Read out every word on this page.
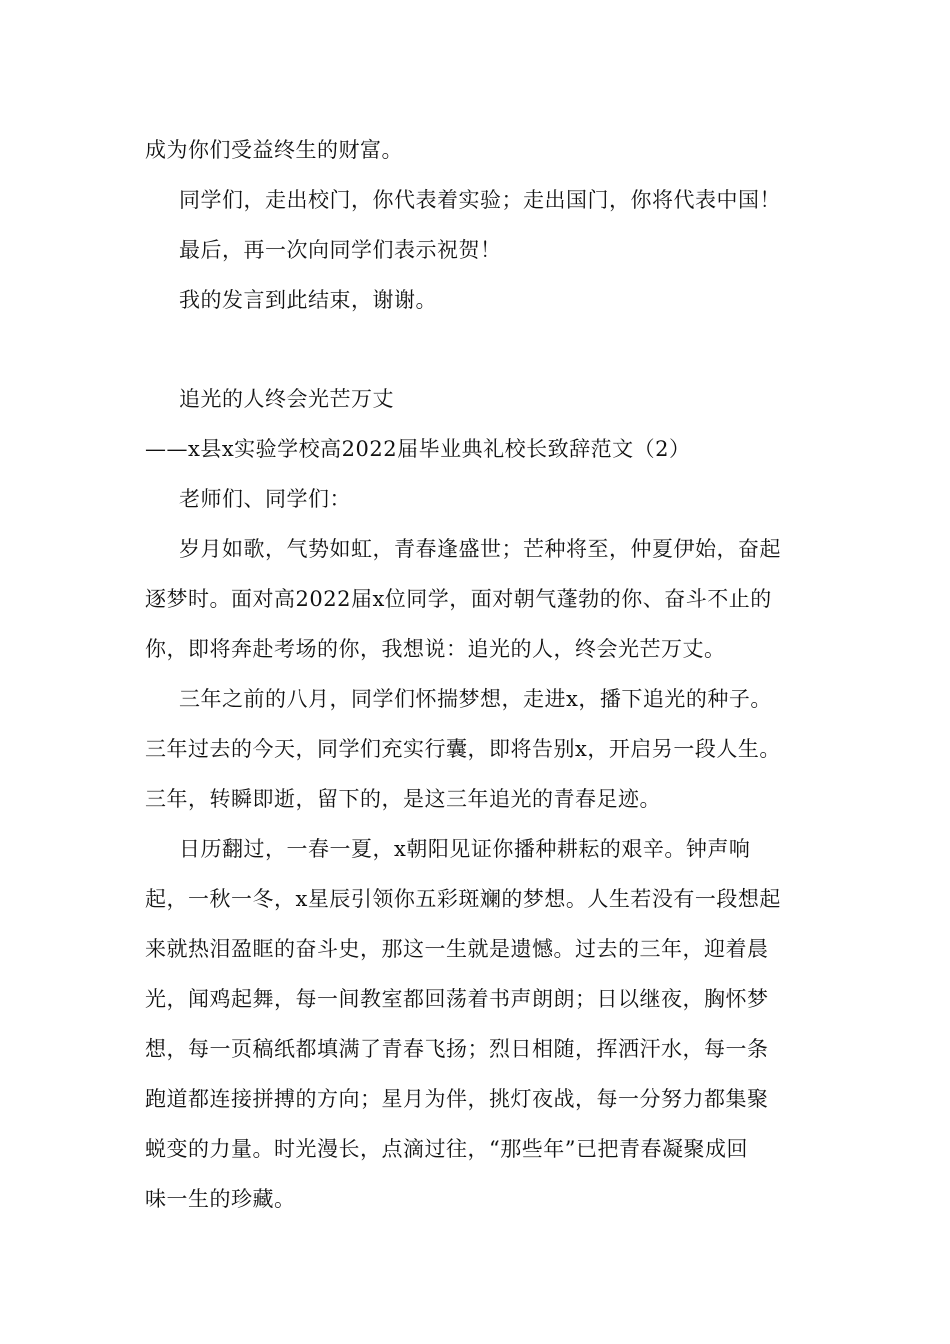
成为你们受益终生的财富。
同学们，走出校门，你代表着实验；走出国门，你将代表中国！
最后，再一次向同学们表示祝贺！
我的发言到此结束，谢谢。
追光的人终会光芒万丈
——x县x实验学校高2022届毕业典礼校长致辞范文（2）
老师们、同学们：
岁月如歌，气势如虹，青春逢盛世；芒种将至，仲夏伊始，奋起
逐梦时。面对高2022届x位同学，面对朝气蓬勃的你、奋斗不止的
你，即将奔赴考场的你，我想说：追光的人，终会光芒万丈。
三年之前的八月，同学们怀揣梦想，走进x，播下追光的种子。
三年过去的今天，同学们充实行囊，即将告别x，开启另一段人生。
三年，转瞬即逝，留下的，是这三年追光的青春足迹。
日历翻过，一春一夏，x朝阳见证你播种耕耘的艰辛。钟声响
起，一秋一冬，x星辰引领你五彩斑斓的梦想。人生若没有一段想起
来就热泪盈眶的奋斗史，那这一生就是遗憾。过去的三年，迎着晨
光，闻鸡起舞，每一间教室都回荡着书声朗朗；日以继夜，胸怀梦
想，每一页稿纸都填满了青春飞扬；烈日相随，挥洒汗水，每一条
跑道都连接拼搏的方向；星月为伴，挑灯夜战，每一分努力都集聚
蜕变的力量。时光漫长，点滴过往，“那些年”已把青春凝聚成回
味一生的珍藏。
